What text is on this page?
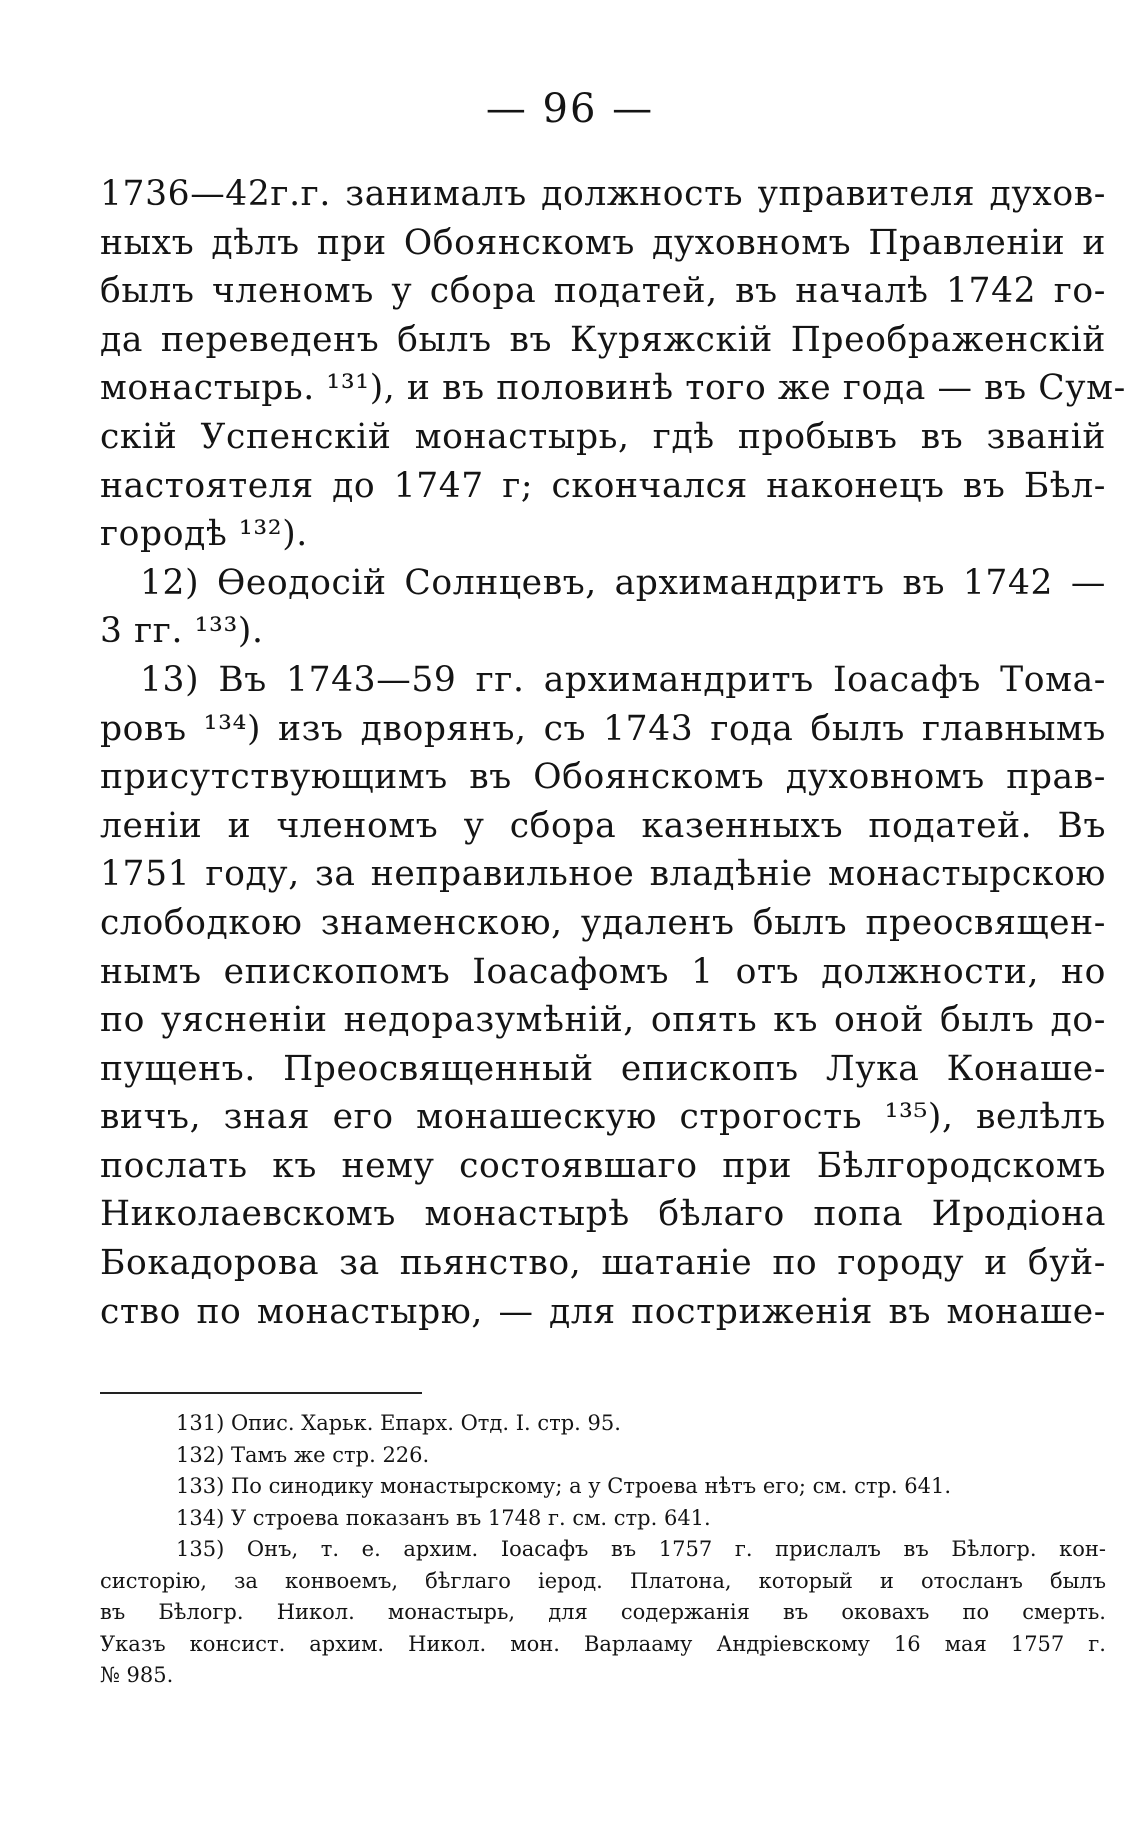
— 96 —
1736—42г.г. занималъ должность управителя духов-
ныхъ дѣлъ при Обоянскомъ духовномъ Правленіи и
былъ членомъ у сбора податей, въ началѣ 1742 го-
да переведенъ былъ въ Куряжскій Преображенскій
монастырь. ¹³¹), и въ половинѣ того же года — въ Сум-
скій Успенскій монастырь, гдѣ пробывъ въ званій
настоятеля до 1747 г; скончался наконецъ въ Бѣл-
городѣ ¹³²).
12) Ѳеодосій Солнцевъ, архимандритъ въ 1742 —
3 гг. ¹³³).
13) Въ 1743—59 гг. архимандритъ Іоасафъ Тома-
ровъ ¹³⁴) изъ дворянъ, съ 1743 года былъ главнымъ
присутствующимъ въ Обоянскомъ духовномъ прав-
леніи и членомъ у сбора казенныхъ податей. Въ
1751 году, за неправильное владѣніе монастырскою
слободкою знаменскою, удаленъ былъ преосвящен-
нымъ епископомъ Іоасафомъ 1 отъ должности, но
по уясненіи недоразумѣній, опять къ оной былъ до-
пущенъ. Преосвященный епископъ Лука Конаше-
вичъ, зная его монашескую строгость ¹³⁵), велѣлъ
послать къ нему состоявшаго при Бѣлгородскомъ
Николаевскомъ монастырѣ бѣлаго попа Иродіона
Бокадорова за пьянство, шатаніе по городу и буй-
ство по монастырю, — для постриженія въ монаше-
131) Опис. Харьк. Епарх. Отд. I. стр. 95.
132) Тамъ же стр. 226.
133) По синодику монастырскому; а у Строева нѣтъ его; см. стр. 641.
134) У строева показанъ въ 1748 г. см. стр. 641.
135) Онъ, т. е. архим. Іоасафъ въ 1757 г. прислалъ въ Бѣлогр. кон-
систорію, за конвоемъ, бѣглаго іерод. Платона, который и отосланъ былъ
въ Бѣлогр. Никол. монастырь, для содержанія въ оковахъ по смерть.
Указъ консист. архим. Никол. мон. Варлааму Андріевскому 16 мая 1757 г.
№ 985.
